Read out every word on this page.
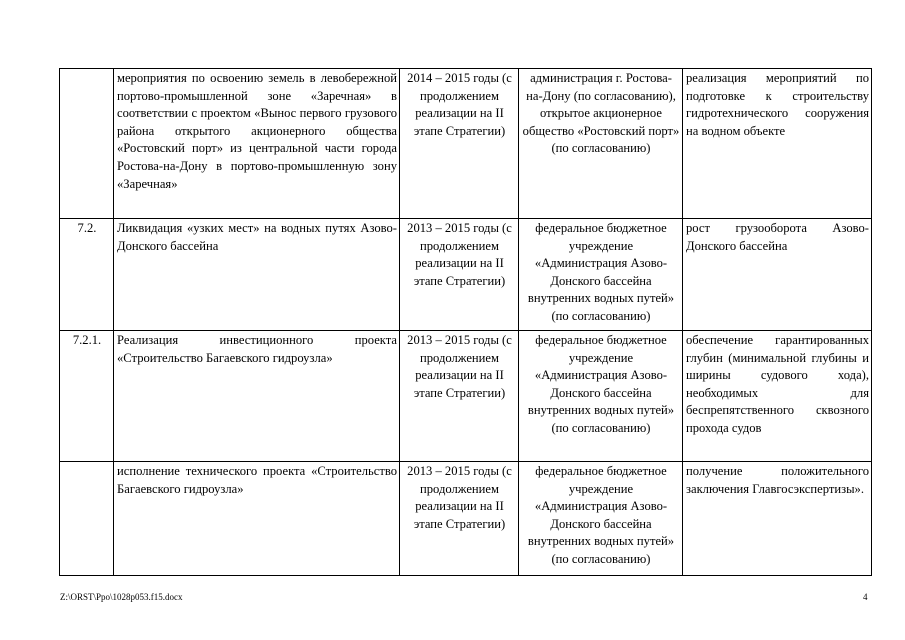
	мероприятия по освоению земель в левобережной портово-промышленной зоне «Заречная» в соответствии с проектом «Вынос первого грузового района открытого акционерного общества «Ростовский порт» из центральной части города Ростова-на-Дону в портово-промышленную зону «Заречная»	2014 – 2015 годы (с продолжением реализации на II этапе Стратегии)	администрация г. Ростова-на-Дону (по согласованию), открытое акционерное общество «Ростовский порт» (по согласованию)	реализация мероприятий по подготовке к строительству гидротехнического сооружения на водном объекте
7.2.	Ликвидация «узких мест» на водных путях Азово-Донского бассейна	2013 – 2015 годы (с продолжением реализации на II этапе Стратегии)	федеральное бюджетное учреждение «Администрация Азово-Донского бассейна внутренних водных путей» (по согласованию)	рост грузооборота Азово-Донского бассейна
7.2.1.	Реализация инвестиционного проекта «Строительство Багаевского гидроузла»	2013 – 2015 годы (с продолжением реализации на II этапе Стратегии)	федеральное бюджетное учреждение «Администрация Азово-Донского бассейна внутренних водных путей» (по согласованию)	обеспечение гарантированных глубин (минимальной глубины и ширины судового хода), необходимых для беспрепятственного сквозного прохода судов
	исполнение технического проекта «Строительство Багаевского гидроузла»	2013 – 2015 годы (с продолжением реализации на II этапе Стратегии)	федеральное бюджетное учреждение «Администрация Азово-Донского бассейна внутренних водных путей» (по согласованию)	получение положительного заключения Главгосэкспертизы».
Z:\ORST\Ppo\1028p053.f15.docx	4
